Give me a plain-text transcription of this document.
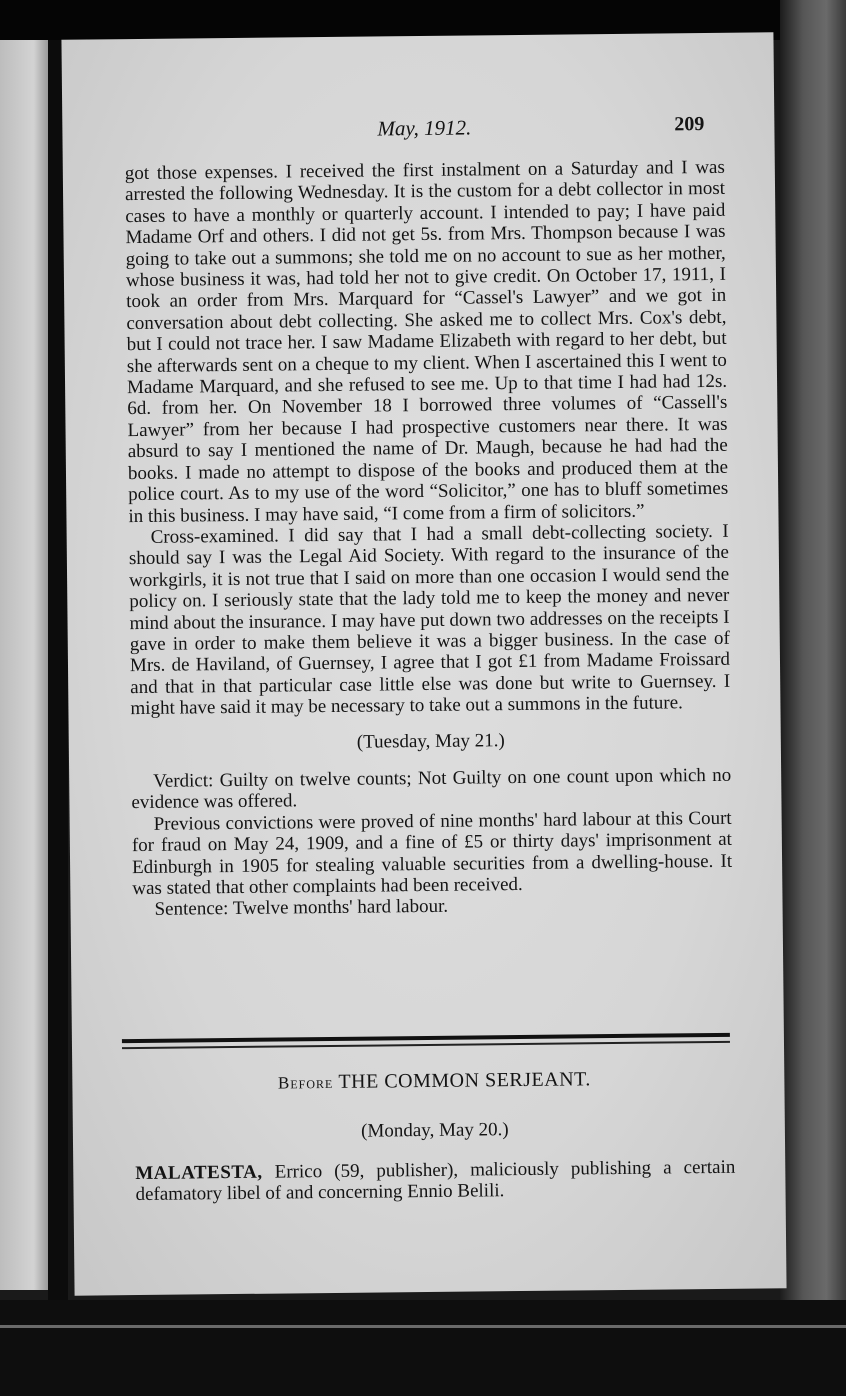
May, 1912.	209

got those expenses. I received the first instalment on a Saturday and I was arrested the following Wednesday. It is the custom for a debt collector in most cases to have a monthly or quarterly account. I intended to pay; I have paid Madame Orf and others. I did not get 5s. from Mrs. Thompson because I was going to take out a summons; she told me on no account to sue as her mother, whose business it was, had told her not to give credit. On October 17, 1911, I took an order from Mrs. Marquard for “Cassel's Lawyer” and we got in conversation about debt collecting. She asked me to collect Mrs. Cox's debt, but I could not trace her. I saw Madame Elizabeth with regard to her debt, but she afterwards sent on a cheque to my client. When I ascertained this I went to Madame Marquard, and she refused to see me. Up to that time I had had 12s. 6d. from her. On November 18 I borrowed three volumes of “Cassell's Lawyer” from her because I had prospective customers near there. It was absurd to say I mentioned the name of Dr. Maugh, because he had had the books. I made no attempt to dispose of the books and produced them at the police court. As to my use of the word “Solicitor,” one has to bluff sometimes in this business. I may have said, “I come from a firm of solicitors.”

Cross-examined. I did say that I had a small debt-collecting society. I should say I was the Legal Aid Society. With regard to the insurance of the workgirls, it is not true that I said on more than one occasion I would send the policy on. I seriously state that the lady told me to keep the money and never mind about the insurance. I may have put down two addresses on the receipts I gave in order to make them believe it was a bigger business. In the case of Mrs. de Haviland, of Guernsey, I agree that I got £1 from Madame Froissard and that in that particular case little else was done but write to Guernsey. I might have said it may be necessary to take out a summons in the future.

(Tuesday, May 21.)

Verdict: Guilty on twelve counts; Not Guilty on one count upon which no evidence was offered.

Previous convictions were proved of nine months' hard labour at this Court for fraud on May 24, 1909, and a fine of £5 or thirty days' imprisonment at Edinburgh in 1905 for stealing valuable securities from a dwelling-house. It was stated that other complaints had been received.

Sentence: Twelve months' hard labour.

Before THE COMMON SERJEANT.
(Monday, May 20.)
MALATESTA, Errico (59, publisher), maliciously publishing a certain defamatory libel of and concerning Ennio Belili.
